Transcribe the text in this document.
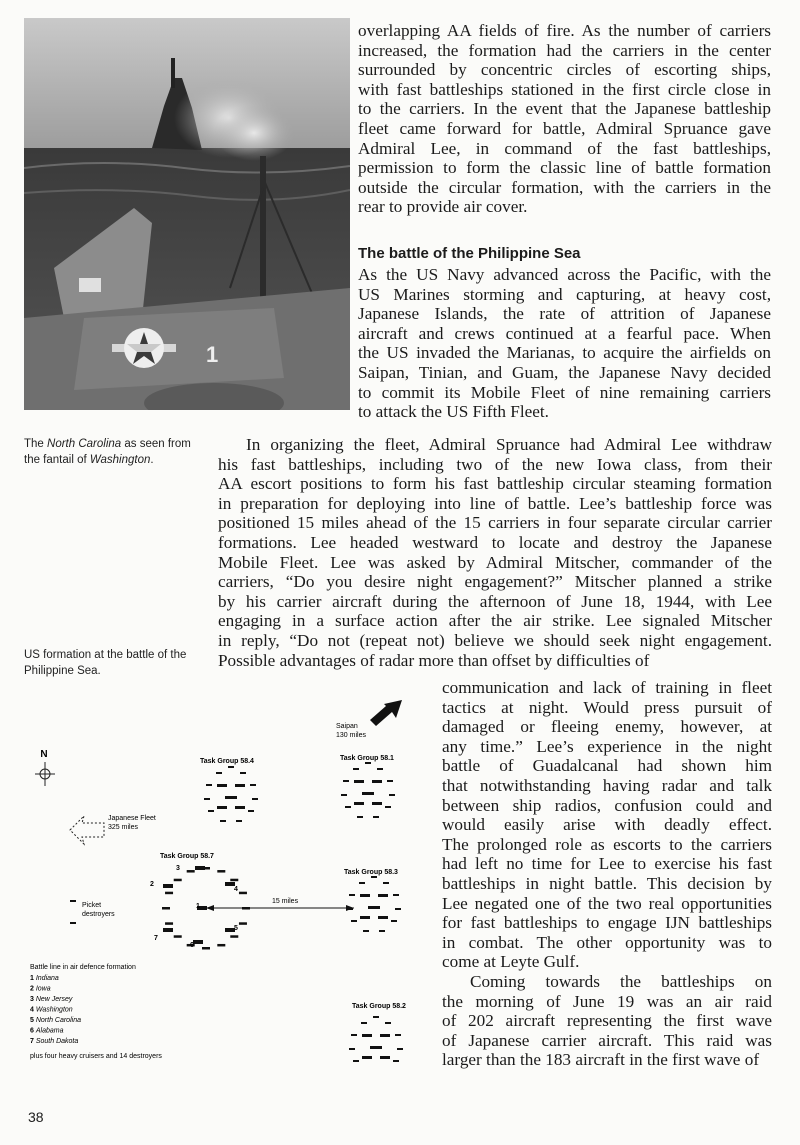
1
The North Carolina as seen from the fantail of Washington.
US formation at the battle of the Philippine Sea.
overlapping AA fields of fire. As the number of carriers
increased, the formation had the carriers in the center
surrounded by concentric circles of escorting ships,
with fast battleships stationed in the first circle close in
to the carriers. In the event that the Japanese battleship
fleet came forward for battle, Admiral Spruance gave
Admiral Lee, in command of the fast battleships,
permission to form the classic line of battle formation
outside the circular formation, with the carriers in the
rear to provide air cover.
The battle of the Philippine Sea
As the US Navy advanced across the Pacific, with the
US Marines storming and capturing, at heavy cost,
Japanese Islands, the rate of attrition of Japanese
aircraft and crews continued at a fearful pace. When
the US invaded the Marianas, to acquire the airfields on
Saipan, Tinian, and Guam, the Japanese Navy decided
to commit its Mobile Fleet of nine remaining carriers
to attack the US Fifth Fleet.
In organizing the fleet, Admiral Spruance had Admiral Lee withdraw
his fast battleships, including two of the new Iowa class, from their
AA escort positions to form his fast battleship circular steaming formation
in preparation for deploying into line of battle. Lee’s battleship force was
positioned 15 miles ahead of the 15 carriers in four separate circular carrier
formations. Lee headed westward to locate and destroy the Japanese
Mobile Fleet. Lee was asked by Admiral Mitscher, commander of the
carriers, “Do you desire night engagement?” Mitscher planned a strike
by his carrier aircraft during the afternoon of June 18, 1944, with Lee
engaging in a surface action after the air strike. Lee signaled Mitscher
in reply, “Do not (repeat not) believe we should seek night engagement.
Possible advantages of radar more than offset by difficulties of
communication and lack of training in fleet
tactics at night. Would press pursuit of
damaged or fleeing enemy, however, at
any time.” Lee’s experience in the night
battle of Guadalcanal had shown him
that notwithstanding having radar and talk
between ship radios, confusion could and
would easily arise with deadly effect.
The prolonged role as escorts to the carriers
had left no time for Lee to exercise his fast
battleships in night battle. This decision by
Lee negated one of the two real opportunities
for fast battleships to engage IJN battleships
in combat. The other opportunity was to
come at Leyte Gulf.
Coming towards the battleships on
the morning of June 19 was an air raid
of 202 aircraft representing the first wave
of Japanese carrier aircraft. This raid was
larger than the 183 aircraft in the first wave of
N
Saipan
130 miles
Japanese Fleet
325 miles
Picket
destroyers
Task Group 58.4	Task Group 58.1
Task Group 58.7
Task Group 58.3
Task Group 58.2
3
2
4
1
5
7
6
15 miles
Battle line in air defence formation
1 Indiana
2 Iowa
3 New Jersey
4 Washington
5 North Carolina
6 Alabama
7 South Dakota
plus four heavy cruisers and 14 destroyers
38
